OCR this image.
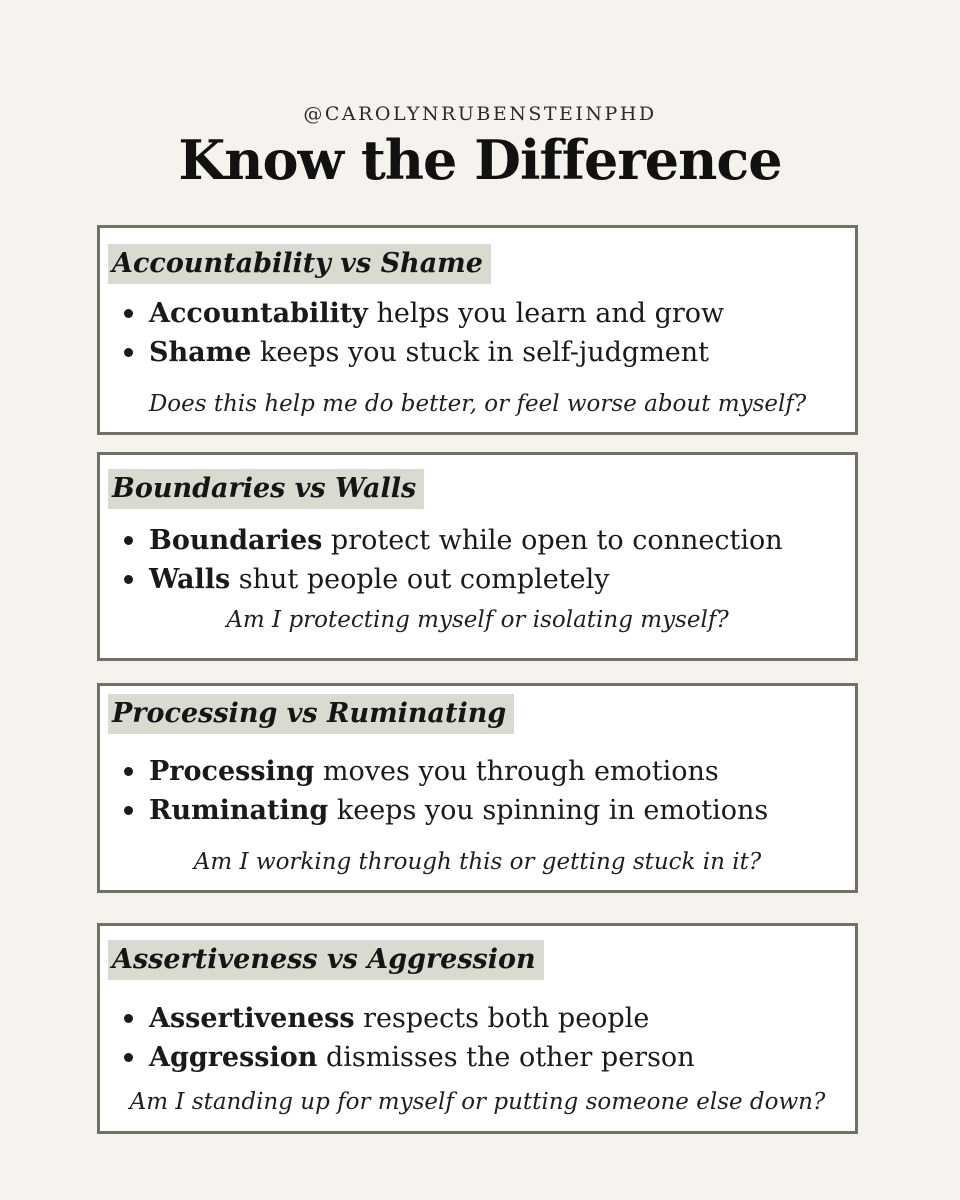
@CAROLYNRUBENSTEINPHD
Know the Difference
Accountability vs Shame
Accountability helps you learn and grow
Shame keeps you stuck in self-judgment
Does this help me do better, or feel worse about myself?
Boundaries vs Walls
Boundaries protect while open to connection
Walls shut people out completely
Am I protecting myself or isolating myself?
Processing vs Ruminating
Processing moves you through emotions
Ruminating keeps you spinning in emotions
Am I working through this or getting stuck in it?
Assertiveness vs Aggression
Assertiveness respects both people
Aggression dismisses the other person
Am I standing up for myself or putting someone else down?
